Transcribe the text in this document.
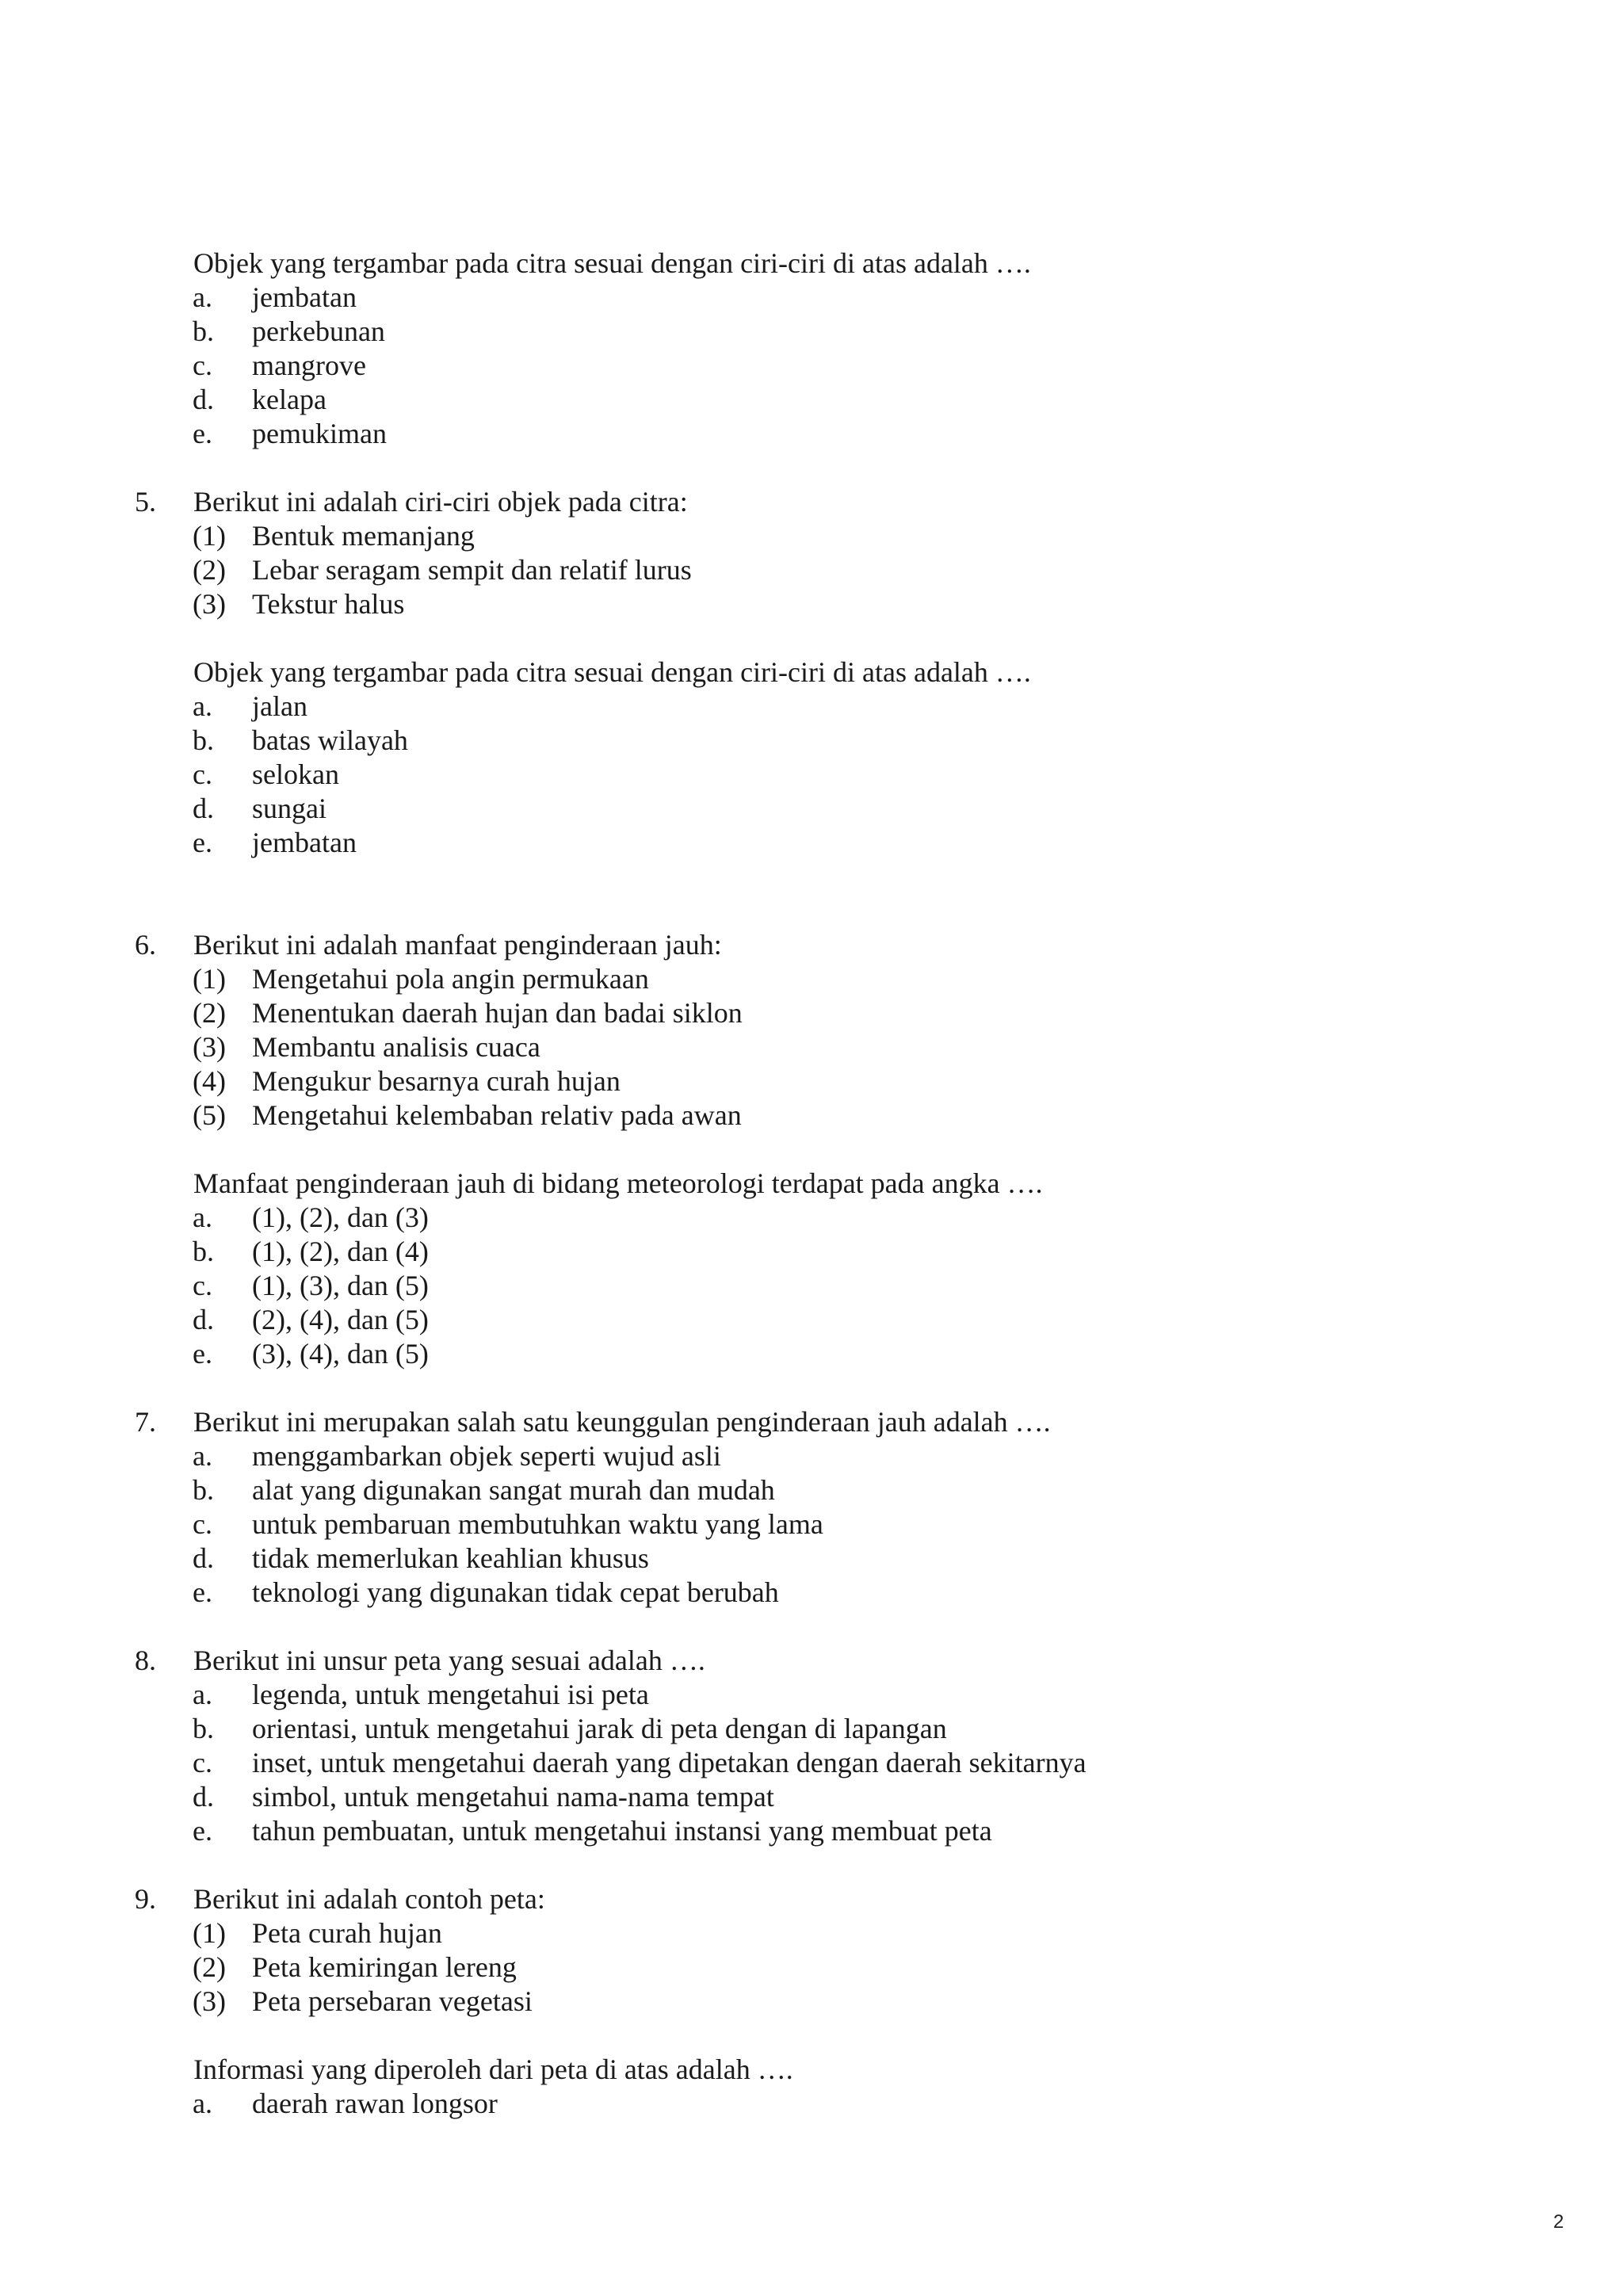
Objek yang tergambar pada citra sesuai dengan ciri-ciri di atas adalah ….
a. jembatan
b. perkebunan
c. mangrove
d. kelapa
e. pemukiman
5. Berikut ini adalah ciri-ciri objek pada citra:
(1) Bentuk memanjang
(2) Lebar seragam sempit dan relatif lurus
(3) Tekstur halus
Objek yang tergambar pada citra sesuai dengan ciri-ciri di atas adalah ….
a. jalan
b. batas wilayah
c. selokan
d. sungai
e. jembatan
6. Berikut ini adalah manfaat penginderaan jauh:
(1) Mengetahui pola angin permukaan
(2) Menentukan daerah hujan dan badai siklon
(3) Membantu analisis cuaca
(4) Mengukur besarnya curah hujan
(5) Mengetahui kelembaban relativ pada awan
Manfaat penginderaan jauh di bidang meteorologi terdapat pada angka ….
a. (1), (2), dan (3)
b. (1), (2), dan (4)
c. (1), (3), dan (5)
d. (2), (4), dan (5)
e. (3), (4), dan (5)
7. Berikut ini merupakan salah satu keunggulan penginderaan jauh adalah ….
a. menggambarkan objek seperti wujud asli
b. alat yang digunakan sangat murah dan mudah
c. untuk pembaruan membutuhkan waktu yang lama
d. tidak memerlukan keahlian khusus
e. teknologi yang digunakan tidak cepat berubah
8. Berikut ini unsur peta yang sesuai adalah ….
a. legenda, untuk mengetahui isi peta
b. orientasi, untuk mengetahui jarak di peta dengan di lapangan
c. inset, untuk mengetahui daerah yang dipetakan dengan daerah sekitarnya
d. simbol, untuk mengetahui nama-nama tempat
e. tahun pembuatan, untuk mengetahui instansi yang membuat peta
9. Berikut ini adalah contoh peta:
(1) Peta curah hujan
(2) Peta kemiringan lereng
(3) Peta persebaran vegetasi
Informasi yang diperoleh dari peta di atas adalah ….
a. daerah rawan longsor
2
